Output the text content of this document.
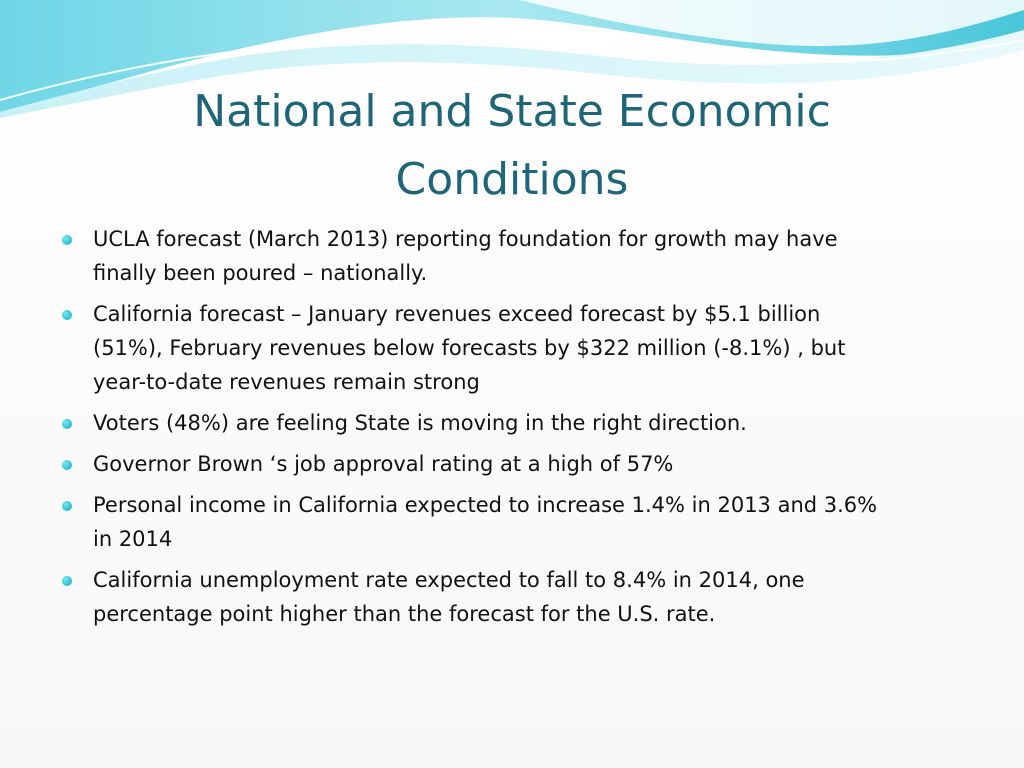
National and State Economic
Conditions
UCLA forecast (March 2013) reporting foundation for growth may have
finally been poured – nationally.
California forecast – January revenues exceed forecast by $5.1 billion
(51%), February revenues below forecasts by $322 million (-8.1%) , but
year-to-date revenues remain strong
Voters (48%) are feeling State is moving in the right direction.
Governor Brown ‘s job approval rating at a high of 57%
Personal income in California expected to increase 1.4% in 2013 and 3.6%
in 2014
California unemployment rate expected to fall to 8.4% in 2014, one
percentage point higher than the forecast for the U.S. rate.
